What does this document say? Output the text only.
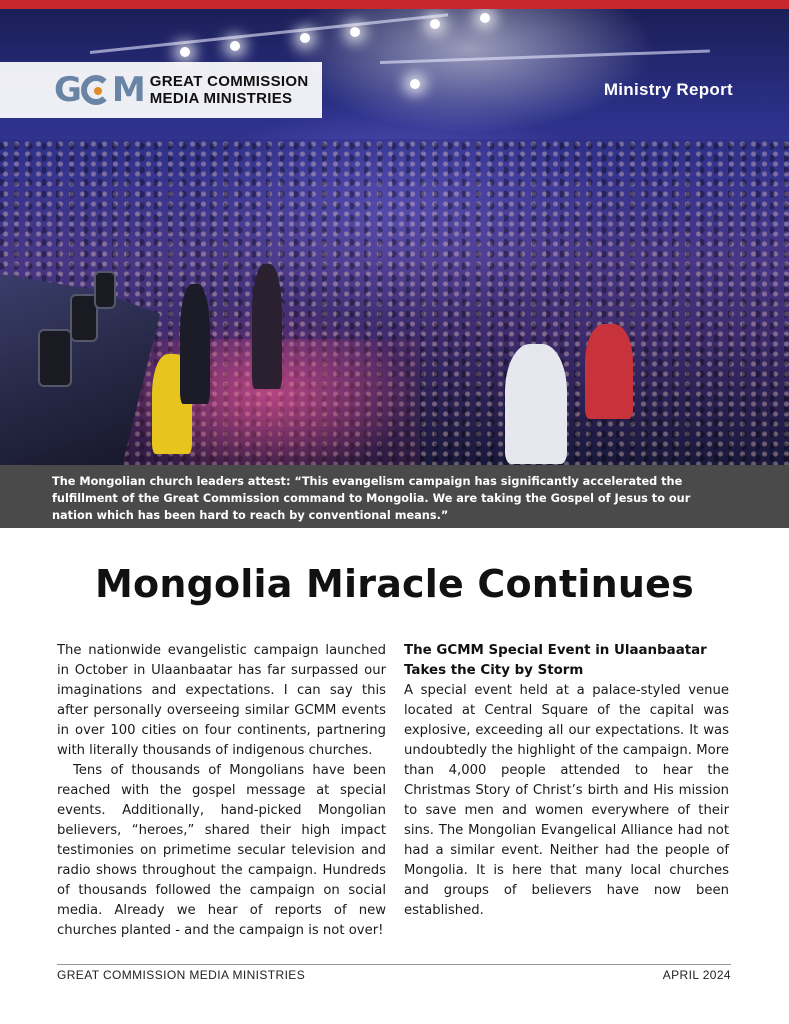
G M GREAT COMMISSION
MEDIA MINISTRIES	Ministry Report
The Mongolian church leaders attest: “This evangelism campaign has significantly accelerated the fulfillment of the Great Commission command to Mongolia. We are taking the Gospel of Jesus to our nation which has been hard to reach by conventional means.”
Mongolia Miracle Continues

The nationwide evangelistic campaign launched in October in Ulaanbaatar has far surpassed our imaginations and expectations. I can say this after personally overseeing similar GCMM events in over 100 cities on four continents, partnering with literally thousands of indigenous churches.

Tens of thousands of Mongolians have been reached with the gospel message at special events. Additionally, hand-picked Mongolian believers, “heroes,” shared their high impact testimonies on primetime secular television and radio shows throughout the campaign. Hundreds of thousands followed the campaign on social media. Already we hear of reports of new churches planted - and the campaign is not over!

The GCMM Special Event in Ulaanbaatar Takes the City by Storm

A special event held at a palace-styled venue located at Central Square of the capital was explosive, exceeding all our expectations. It was undoubtedly the highlight of the campaign. More than 4,000 people attended to hear the Christmas Story of Christ’s birth and His mission to save men and women everywhere of their sins. The Mongolian Evangelical Alliance had not had a similar event. Neither had the people of Mongolia. It is here that many local churches and groups of believers have now been established.

GREAT COMMISSION MEDIA MINISTRIES	APRIL 2024
